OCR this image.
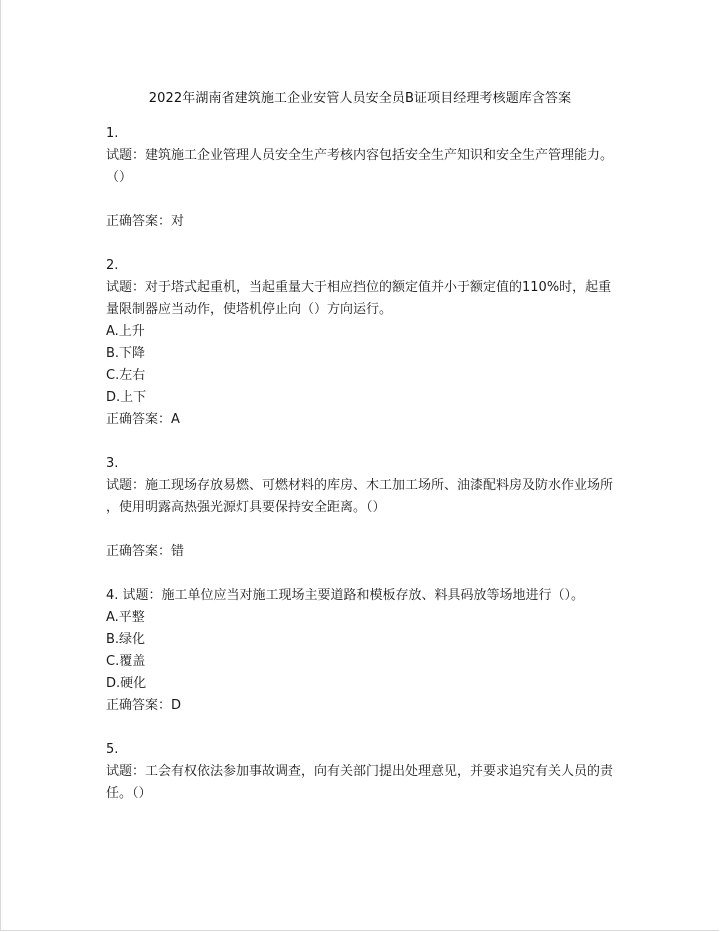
2022年湖南省建筑施工企业安管人员安全员B证项目经理考核题库含答案
1.
试题：建筑施工企业管理人员安全生产考核内容包括安全生产知识和安全生产管理能力。
（）
正确答案：对
2.
试题：对于塔式起重机，当起重量大于相应挡位的额定值并小于额定值的110%时，起重
量限制器应当动作，使塔机停止向（）方向运行。
A.上升
B.下降
C.左右
D.上下
正确答案：A
3.
试题：施工现场存放易燃、可燃材料的库房、木工加工场所、油漆配料房及防水作业场所
，使用明露高热强光源灯具要保持安全距离。（）
正确答案：错
4. 试题：施工单位应当对施工现场主要道路和模板存放、料具码放等场地进行（）。
A.平整
B.绿化
C.覆盖
D.硬化
正确答案：D
5.
试题：工会有权依法参加事故调查，向有关部门提出处理意见，并要求追究有关人员的责
任。（）
